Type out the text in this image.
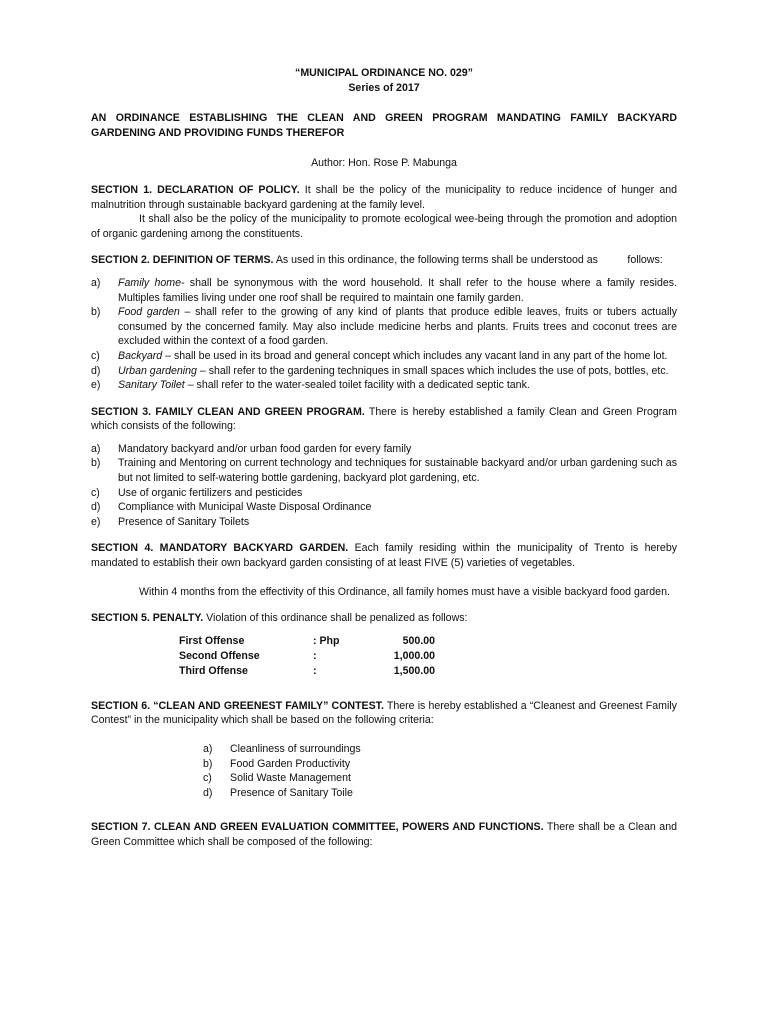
“MUNICIPAL ORDINANCE NO. 029”
Series of 2017

AN ORDINANCE ESTABLISHING THE CLEAN AND GREEN PROGRAM MANDATING FAMILY BACKYARD GARDENING AND PROVIDING FUNDS THEREFOR

Author: Hon. Rose P. Mabunga

SECTION 1. DECLARATION OF POLICY. It shall be the policy of the municipality to reduce incidence of hunger and malnutrition through sustainable backyard gardening at the family level.

It shall also be the policy of the municipality to promote ecological wee-being through the promotion and adoption of organic gardening among the constituents.

SECTION 2. DEFINITION OF TERMS. As used in this ordinance, the following terms shall be understood as          follows:

a) Family home- shall be synonymous with the word household. It shall refer to the house where a family resides. Multiples families living under one roof shall be required to maintain one family garden.
b) Food garden – shall refer to the growing of any kind of plants that produce edible leaves, fruits or tubers actually consumed by the concerned family. May also include medicine herbs and plants. Fruits trees and coconut trees are excluded within the context of a food garden.
c) Backyard – shall be used in its broad and general concept which includes any vacant land in any part of the home lot.
d) Urban gardening – shall refer to the gardening techniques in small spaces which includes the use of pots, bottles, etc.
e) Sanitary Toilet – shall refer to the water-sealed toilet facility with a dedicated septic tank.

SECTION 3. FAMILY CLEAN AND GREEN PROGRAM. There is hereby established a family Clean and Green Program which consists of the following:

a) Mandatory backyard and/or urban food garden for every family
b) Training and Mentoring on current technology and techniques for sustainable backyard and/or urban gardening such as but not limited to self-watering bottle gardening, backyard plot gardening, etc.
c) Use of organic fertilizers and pesticides
d) Compliance with Municipal Waste Disposal Ordinance
e) Presence of Sanitary Toilets

SECTION 4. MANDATORY BACKYARD GARDEN. Each family residing within the municipality of Trento is hereby mandated to establish their own backyard garden consisting of at least FIVE (5) varieties of vegetables.

Within 4 months from the effectivity of this Ordinance, all family homes must have a visible backyard food garden.

SECTION 5. PENALTY. Violation of this ordinance shall be penalized as follows:

First Offense	: Php	500.00
Second Offense	:	1,000.00
Third Offense	:	1,500.00

SECTION 6. “CLEAN AND GREENEST FAMILY” CONTEST. There is hereby established a “Cleanest and Greenest Family Contest” in the municipality which shall be based on the following criteria:

a) Cleanliness of surroundings
b) Food Garden Productivity
c) Solid Waste Management
d) Presence of Sanitary Toile

SECTION 7. CLEAN AND GREEN EVALUATION COMMITTEE, POWERS AND FUNCTIONS. There shall be a Clean and Green Committee which shall be composed of the following:
